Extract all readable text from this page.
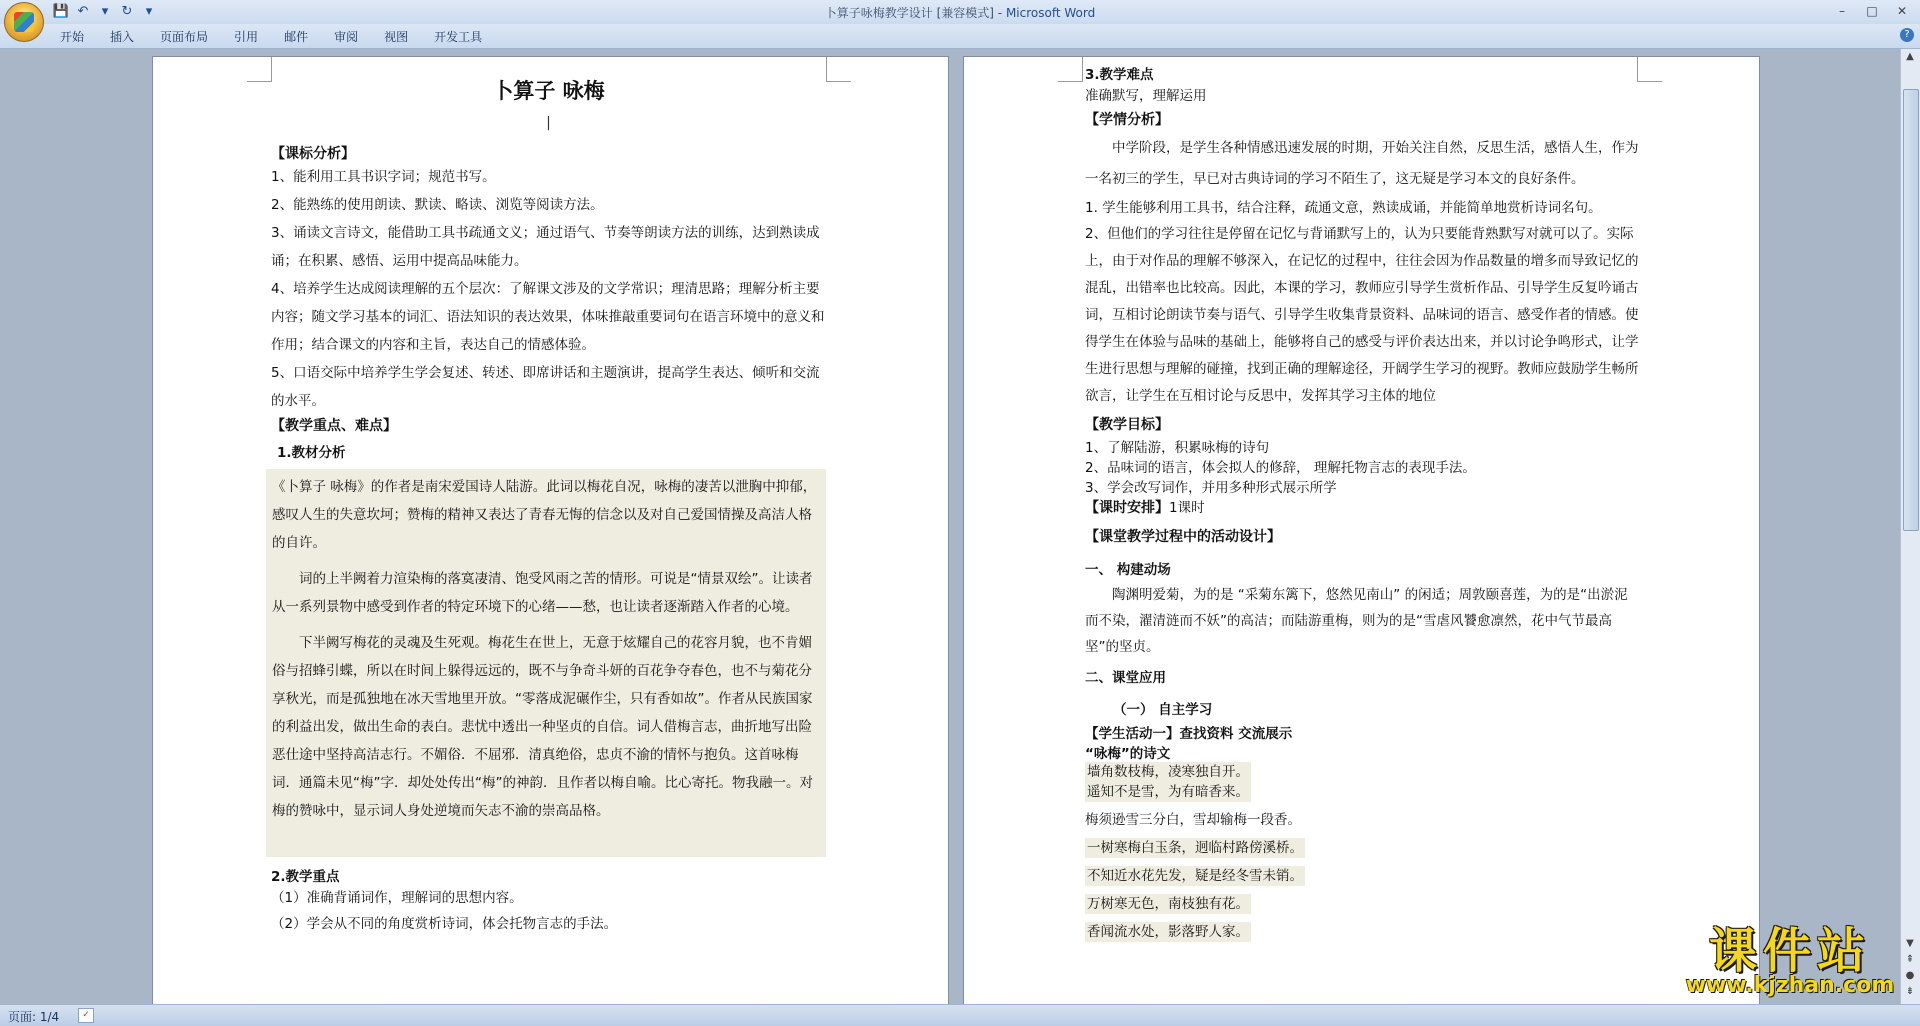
💾 ↶	▾	↻	▾	卜算子咏梅教学设计 [兼容模式] - Microsoft Word	–	□	✕
开始	插入	页面布局	引用	邮件	审阅	视图	开发工具	?

卜算子 咏梅

|

【课标分析】

1、能利用工具书识字词；规范书写。

2、能熟练的使用朗读、默读、略读、浏览等阅读方法。

3、诵读文言诗文，能借助工具书疏通文义；通过语气、节奏等朗读方法的训练，达到熟读成诵；在积累、感悟、运用中提高品味能力。

4、培养学生达成阅读理解的五个层次：了解课文涉及的文学常识；理清思路；理解分析主要内容；随文学习基本的词汇、语法知识的表达效果，体味推敲重要词句在语言环境中的意义和作用；结合课文的内容和主旨，表达自己的情感体验。

5、口语交际中培养学生学会复述、转述、即席讲话和主题演讲，提高学生表达、倾听和交流的水平。

【教学重点、难点】

1.教材分析

《卜算子 咏梅》的作者是南宋爱国诗人陆游。此词以梅花自况，咏梅的凄苦以泄胸中抑郁，感叹人生的失意坎坷；赞梅的精神又表达了青春无悔的信念以及对自己爱国情操及高洁人格的自许。

词的上半阙着力渲染梅的落寞凄清、饱受风雨之苦的情形。可说是“情景双绘”。让读者从一系列景物中感受到作者的特定环境下的心绪——愁，也让读者逐渐踏入作者的心境。

下半阙写梅花的灵魂及生死观。梅花生在世上，无意于炫耀自己的花容月貌，也不肯媚俗与招蜂引蝶，所以在时间上躲得远远的，既不与争奇斗妍的百花争夺春色，也不与菊花分享秋光，而是孤独地在冰天雪地里开放。“零落成泥碾作尘，只有香如故”。作者从民族国家的利益出发，做出生命的表白。悲忧中透出一种坚贞的自信。词人借梅言志，曲折地写出险恶仕途中坚持高洁志行。不媚俗．不屈邪．清真绝俗，忠贞不渝的情怀与抱负。这首咏梅词．通篇未见“梅”字．却处处传出“梅”的神韵．且作者以梅自喻。比心寄托。物我融一。对梅的赞咏中，显示词人身处逆境而矢志不渝的崇高品格。

2.教学重点

（1）准确背诵词作，理解词的思想内容。

（2）学会从不同的角度赏析诗词，体会托物言志的手法。

3.教学难点

准确默写，理解运用

【学情分析】

中学阶段，是学生各种情感迅速发展的时期，开始关注自然，反思生活，感悟人生，作为一名初三的学生，早已对古典诗词的学习不陌生了，这无疑是学习本文的良好条件。

1. 学生能够利用工具书，结合注释，疏通文意，熟读成诵，并能简单地赏析诗词名句。

2、但他们的学习往往是停留在记忆与背诵默写上的，认为只要能背熟默写对就可以了。实际上，由于对作品的理解不够深入，在记忆的过程中，往往会因为作品数量的增多而导致记忆的混乱，出错率也比较高。因此，本课的学习，教师应引导学生赏析作品、引导学生反复吟诵古词，互相讨论朗读节奏与语气、引导学生收集背景资料、品味词的语言、感受作者的情感。使得学生在体验与品味的基础上，能够将自己的感受与评价表达出来，并以讨论争鸣形式，让学生进行思想与理解的碰撞，找到正确的理解途径，开阔学生学习的视野。教师应鼓励学生畅所欲言，让学生在互相讨论与反思中，发挥其学习主体的地位

【教学目标】

1、了解陆游，积累咏梅的诗句

2、品味词的语言，体会拟人的修辞， 理解托物言志的表现手法。

3、学会改写词作，并用多种形式展示所学

【课时安排】1课时

【课堂教学过程中的活动设计】

一、 构建动场

陶渊明爱菊，为的是 “采菊东篱下，悠然见南山” 的闲适；周敦颐喜莲，为的是“出淤泥而不染，濯清涟而不妖”的高洁；而陆游重梅，则为的是“雪虐风饕愈凛然，花中气节最高坚”的坚贞。

二、课堂应用

（一） 自主学习

【学生活动一】查找资料 交流展示

“咏梅”的诗文

墙角数枝梅，凌寒独自开。

遥知不是雪，为有暗香来。

梅须逊雪三分白，雪却输梅一段香。

一树寒梅白玉条，迥临村路傍溪桥。

不知近水花先发，疑是经冬雪未销。

万树寒无色，南枝独有花。

香闻流水处，影落野人家。

▲
▼
⇞
●
⇟
页面: 1/4	✓
课件站
www.kjzhan.com
